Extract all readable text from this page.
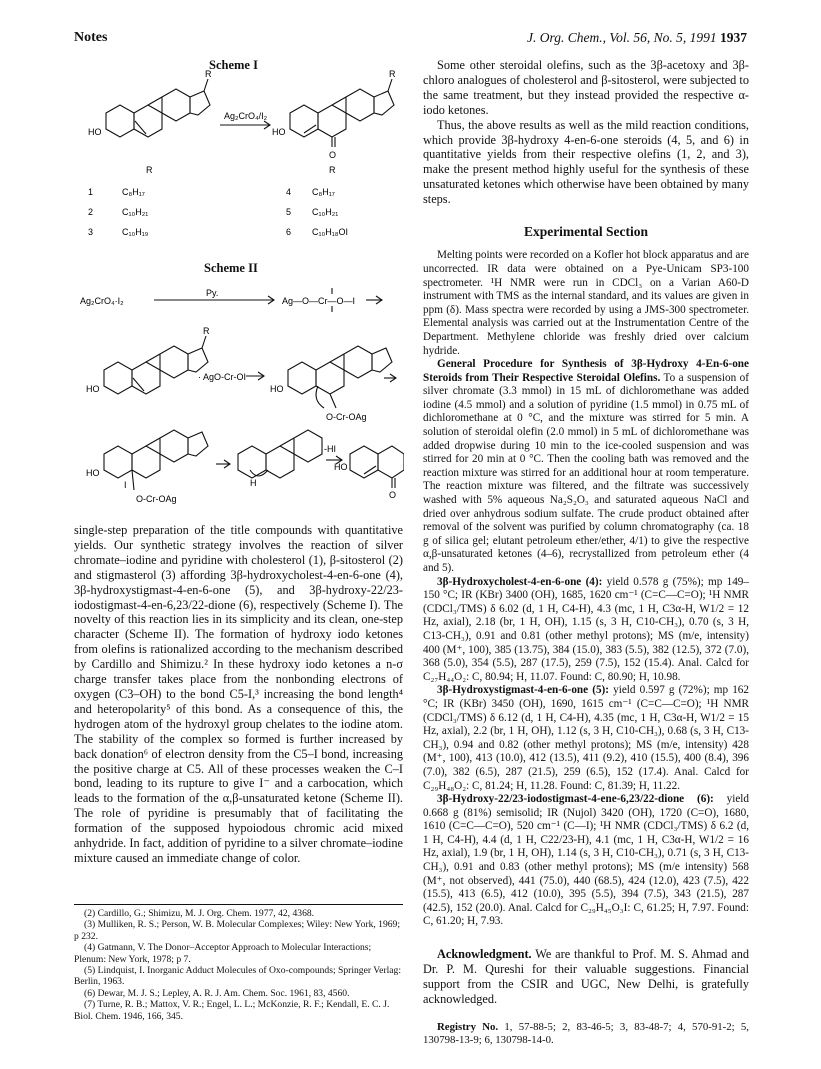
Notes	J. Org. Chem., Vol. 56, No. 5, 1991 1937
Scheme I
R
HO
Ag₂CrO₄/I₂
R
HO
O
R	R
1	C₈H₁₇	4 C₈H₁₇
2	C₁₀H₂₁	5 C₁₀H₂₁
3	C₁₀H₁₉	6 C₁₀H₁₈OI
Scheme II
Ag₂CrO₄·I₂
Py.
Ag—O—Cr—O—I
R
HO
· AgO-Cr-OI
HO
O-Cr-OAg
HO
I
O-Cr-OAg
H
-HI
HO
O

single-step preparation of the title compounds with quantitative yields. Our synthetic strategy involves the reaction of silver chromate–iodine and pyridine with cholesterol (1), β-sitosterol (2) and stigmasterol (3) affording 3β-hydroxycholest-4-en-6-one (4), 3β-hydroxystigmast-4-en-6-one (5), and 3β-hydroxy-22/23-iodostigmast-4-en-6,23/22-dione (6), respectively (Scheme I). The novelty of this reaction lies in its simplicity and its clean, one-step character (Scheme II). The formation of hydroxy iodo ketones from olefins is rationalized according to the mechanism described by Cardillo and Shimizu.² In these hydroxy iodo ketones a n-σ charge transfer takes place from the nonbonding electrons of oxygen (C3–OH) to the bond C5-I,³ increasing the bond length⁴ and heteropolarity⁵ of this bond. As a consequence of this, the hydrogen atom of the hydroxyl group chelates to the iodine atom. The stability of the complex so formed is further increased by back donation⁶ of electron density from the C5–I bond, increasing the positive charge at C5. All of these processes weaken the C–I bond, leading to its rupture to give I⁻ and a carbocation, which leads to the formation of the α,β-unsaturated ketone (Scheme II). The role of pyridine is presumably that of facilitating the formation of the supposed hypoiodous chromic acid mixed anhydride. In fact, addition of pyridine to a silver chromate–iodine mixture caused an immediate change of color.

(2) Cardillo, G.; Shimizu, M. J. Org. Chem. 1977, 42, 4368.
(3) Mulliken, R. S.; Person, W. B. Molecular Complexes; Wiley: New York, 1969; p 232.
(4) Gatmann, V. The Donor–Acceptor Approach to Molecular Interactions; Plenum: New York, 1978; p 7.
(5) Lindquist, I. Inorganic Adduct Molecules of Oxo-compounds; Springer Verlag: Berlin, 1963.
(6) Dewar, M. J. S.; Lepley, A. R. J. Am. Chem. Soc. 1961, 83, 4560.
(7) Turne, R. B.; Mattox, V. R.; Engel, L. L.; McKonzie, R. F.; Kendall, E. C. J. Biol. Chem. 1946, 166, 345.

Some other steroidal olefins, such as the 3β-acetoxy and 3β-chloro analogues of cholesterol and β-sitosterol, were subjected to the same treatment, but they instead provided the respective α-iodo ketones.

Thus, the above results as well as the mild reaction conditions, which provide 3β-hydroxy 4-en-6-one steroids (4, 5, and 6) in quantitative yields from their respective olefins (1, 2, and 3), make the present method highly useful for the synthesis of these unsaturated ketones which otherwise have been obtained by many steps.

Experimental Section

Melting points were recorded on a Kofler hot block apparatus and are uncorrected. IR data were obtained on a Pye-Unicam SP3-100 spectrometer. ¹H NMR were run in CDCl₃ on a Varian A60-D instrument with TMS as the internal standard, and its values are given in ppm (δ). Mass spectra were recorded by using a JMS-300 spectrometer. Elemental analysis was carried out at the Instrumentation Centre of the Department. Methylene chloride was freshly dried over calcium hydride.

General Procedure for Synthesis of 3β-Hydroxy 4-En-6-one Steroids from Their Respective Steroidal Olefins. To a suspension of silver chromate (3.3 mmol) in 15 mL of dichloromethane was added iodine (4.5 mmol) and a solution of pyridine (1.5 mmol) in 0.75 mL of dichloromethane at 0 °C, and the mixture was stirred for 5 min. A solution of steroidal olefin (2.0 mmol) in 5 mL of dichloromethane was added dropwise during 10 min to the ice-cooled suspension and was stirred for 20 min at 0 °C. Then the cooling bath was removed and the reaction mixture was stirred for an additional hour at room temperature. The reaction mixture was filtered, and the filtrate was successively washed with 5% aqueous Na₂S₂O₃ and saturated aqueous NaCl and dried over anhydrous sodium sulfate. The crude product obtained after removal of the solvent was purified by column chromatography (ca. 18 g of silica gel; elutant petroleum ether/ether, 4/1) to give the respective α,β-unsaturated ketones (4–6), recrystallized from petroleum ether (4 and 5).

3β-Hydroxycholest-4-en-6-one (4): yield 0.578 g (75%); mp 149–150 °C; IR (KBr) 3400 (OH), 1685, 1620 cm⁻¹ (C=C—C=O); ¹H NMR (CDCl₃/TMS) δ 6.02 (d, 1 H, C4-H), 4.3 (mc, 1 H, C3α-H, W1/2 = 12 Hz, axial), 2.18 (br, 1 H, OH), 1.15 (s, 3 H, C10-CH₃), 0.70 (s, 3 H, C13-CH₃), 0.91 and 0.81 (other methyl protons); MS (m/e, intensity) 400 (M⁺, 100), 385 (13.75), 384 (15.0), 383 (5.5), 382 (12.5), 372 (7.0), 368 (5.0), 354 (5.5), 287 (17.5), 259 (7.5), 152 (15.4). Anal. Calcd for C₂₇H₄₄O₂: C, 80.94; H, 11.07. Found: C, 80.90; H, 10.98.

3β-Hydroxystigmast-4-en-6-one (5): yield 0.597 g (72%); mp 162 °C; IR (KBr) 3450 (OH), 1690, 1615 cm⁻¹ (C=C—C=O); ¹H NMR (CDCl₃/TMS) δ 6.12 (d, 1 H, C4-H), 4.35 (mc, 1 H, C3α-H, W1/2 = 15 Hz, axial), 2.2 (br, 1 H, OH), 1.12 (s, 3 H, C10-CH₃), 0.68 (s, 3 H, C13-CH₃), 0.94 and 0.82 (other methyl protons); MS (m/e, intensity) 428 (M⁺, 100), 413 (10.0), 412 (13.5), 411 (9.2), 410 (15.5), 400 (8.4), 396 (7.0), 382 (6.5), 287 (21.5), 259 (6.5), 152 (17.4). Anal. Calcd for C₂₉H₄₈O₂: C, 81.24; H, 11.28. Found: C, 81.39; H, 11.22.

3β-Hydroxy-22/23-iodostigmast-4-ene-6,23/22-dione (6): yield 0.668 g (81%) semisolid; IR (Nujol) 3420 (OH), 1720 (C=O), 1680, 1610 (C=C—C=O), 520 cm⁻¹ (C—I); ¹H NMR (CDCl₃/TMS) δ 6.2 (d, 1 H, C4-H), 4.4 (d, 1 H, C22/23-H), 4.1 (mc, 1 H, C3α-H, W1/2 = 16 Hz, axial), 1.9 (br, 1 H, OH), 1.14 (s, 3 H, C10-CH₃), 0.71 (s, 3 H, C13-CH₃), 0.91 and 0.83 (other methyl protons); MS (m/e intensity) 568 (M⁺, not observed), 441 (75.0), 440 (68.5), 424 (12.0), 423 (7.5), 422 (15.5), 413 (6.5), 412 (10.0), 395 (5.5), 394 (7.5), 343 (21.5), 287 (42.5), 152 (20.0). Anal. Calcd for C₂₉H₄₅O₃I: C, 61.25; H, 7.97. Found: C, 61.20; H, 7.93.

Acknowledgment. We are thankful to Prof. M. S. Ahmad and Dr. P. M. Qureshi for their valuable suggestions. Financial support from the CSIR and UGC, New Delhi, is gratefully acknowledged.

Registry No. 1, 57-88-5; 2, 83-46-5; 3, 83-48-7; 4, 570-91-2; 5, 130798-13-9; 6, 130798-14-0.
